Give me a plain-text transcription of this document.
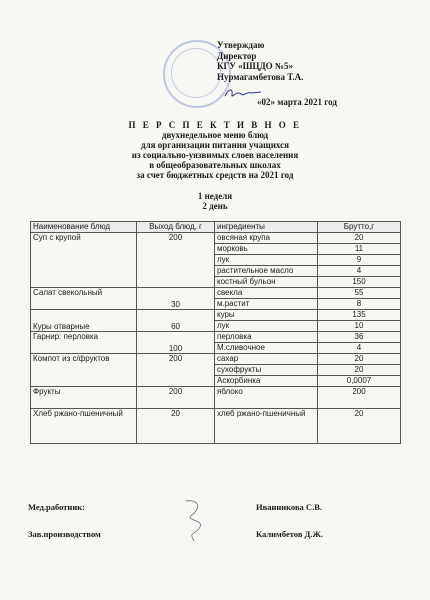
Утверждаю
Директор
КГУ «ШЦДО №5»
Нурмагамбетова Т.А.
«02» марта 2021 год
П Е Р С П Е К Т И В Н О Е
двухнедельное меню блюд
для организации питания учащихся
из социально-уязвимых слоев населения
в общеобразовательных школах
за счет бюджетных средств на 2021 год
1 неделя
2 день
Наименование блюд	Выход блюд, г	ингредиенты	Брутто,г
Суп с крупой	200	овсяная крупа	20
		морковь	11
		лук	9
		растительное масло	4
		костный бульон	150
Салат свекольный	30	свекла	55
		м.растит	8
Куры отварные	60	куры	135
		лук	10
Гарнир: перловка	100	перловка	36
		М.сливочное	4
Компот из с/фруктов	200	сахар	20
		сухофрукты	20
		Аскорбинка	0,0007
Фрукты	200	яблоко	200
Хлеб ржано-пшеничный	20	хлеб ржано-пшеничный	20
Мед.работник:	Иванникова С.В.
Зав.производством	Калимбетов Д.Ж.
